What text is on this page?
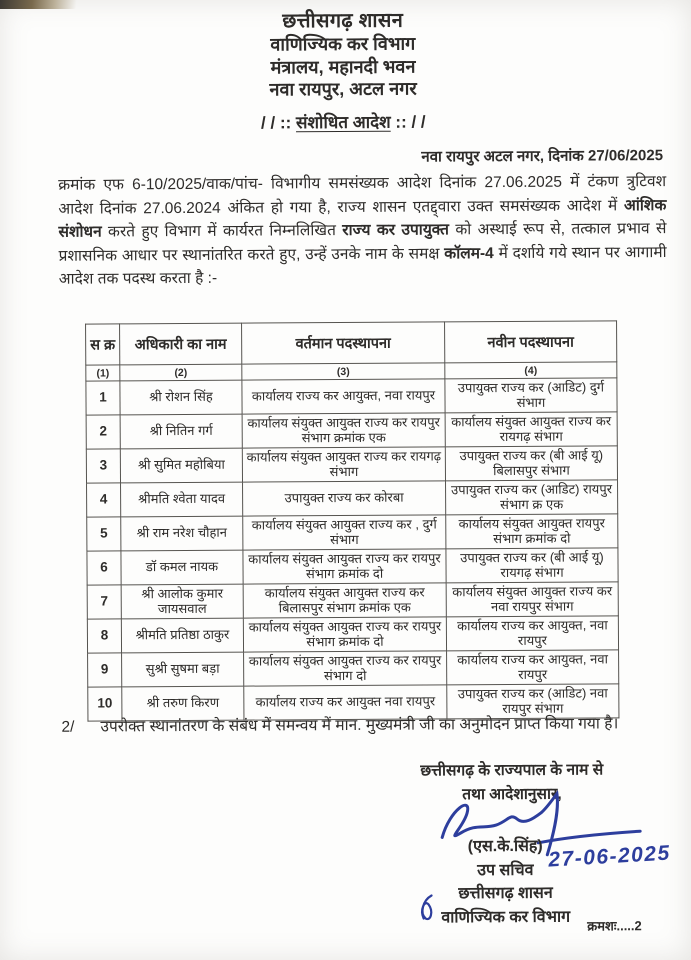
छत्तीसगढ़ शासन
वाणिज्यिक कर विभाग
मंत्रालय, महानदी भवन
नवा रायपुर, अटल नगर
/ / :: संशोधित आदेश :: / /
नवा रायपुर अटल नगर, दिनांक 27/06/2025
क्रमांक एफ 6-10/2025/वाक/पांच- विभागीय समसंख्यक आदेश दिनांक 27.06.2025 में टंकण त्रुटिवश आदेश दिनांक 27.06.2024 अंकित हो गया है, राज्य शासन एतद्द्वारा उक्त समसंख्यक आदेश में आंशिक संशोधन करते हुए विभाग में कार्यरत निम्नलिखित राज्य कर उपायुक्त को अस्थाई रूप से, तत्काल प्रभाव से प्रशासनिक आधार पर स्थानांतरित करते हुए, उन्हें उनके नाम के समक्ष कॉलम-4 में दर्शाये गये स्थान पर आगामी आदेश तक पदस्थ करता है :-
स क्र	अधिकारी का नाम	वर्तमान पदस्थापना	नवीन पदस्थापना
(1)	(2)	(3)	(4)
1	श्री रोशन सिंह	कार्यालय राज्य कर आयुक्त, नवा रायपुर	उपायुक्त राज्य कर (आडिट) दुर्ग संभाग
2	श्री नितिन गर्ग	कार्यालय संयुक्त आयुक्त राज्य कर रायपुर संभाग क्रमांक एक	कार्यालय संयुक्त आयुक्त राज्य कर रायगढ़ संभाग
3	श्री सुमित महोबिया	कार्यालय संयुक्त आयुक्त राज्य कर रायगढ़ संभाग	उपायुक्त राज्य कर (बी आई यू) बिलासपुर संभाग
4	श्रीमति श्वेता यादव	उपायुक्त राज्य कर कोरबा	उपायुक्त राज्य कर (आडिट) रायपुर संभाग क्र एक
5	श्री राम नरेश चौहान	कार्यालय संयुक्त आयुक्त राज्य कर , दुर्ग संभाग	कार्यालय संयुक्त आयुक्त रायपुर संभाग क्रमांक दो
6	डॉ कमल नायक	कार्यालय संयुक्त आयुक्त राज्य कर रायपुर संभाग क्रमांक दो	उपायुक्त राज्य कर (बी आई यू) रायगढ़ संभाग
7	श्री आलोक कुमार जायसवाल	कार्यालय संयुक्त आयुक्त राज्य कर बिलासपुर संभाग क्रमांक एक	कार्यालय संयुक्त आयुक्त राज्य कर नवा रायपुर संभाग
8	श्रीमति प्रतिष्ठा ठाकुर	कार्यालय संयुक्त आयुक्त राज्य कर रायपुर संभाग क्रमांक दो	कार्यालय राज्य कर आयुक्त, नवा रायपुर
9	सुश्री सुषमा बड़ा	कार्यालय संयुक्त आयुक्त राज्य कर रायपुर संभाग दो	कार्यालय राज्य कर आयुक्त, नवा रायपुर
10	श्री तरुण किरण	कार्यालय राज्य कर आयुक्त नवा रायपुर	उपायुक्त राज्य कर (आडिट) नवा रायपुर संभाग
2/ उपरोक्त स्थानांतरण के संबंध में समन्वय में मान. मुख्यमंत्री जी का अनुमोदन प्राप्त किया गया है।
छत्तीसगढ़ के राज्यपाल के नाम से
तथा आदेशानुसार,
27-06-2025
(एस.के.सिंह)
उप सचिव
छत्तीसगढ़ शासन
वाणिज्यिक कर विभाग	क्रमशः.....2
